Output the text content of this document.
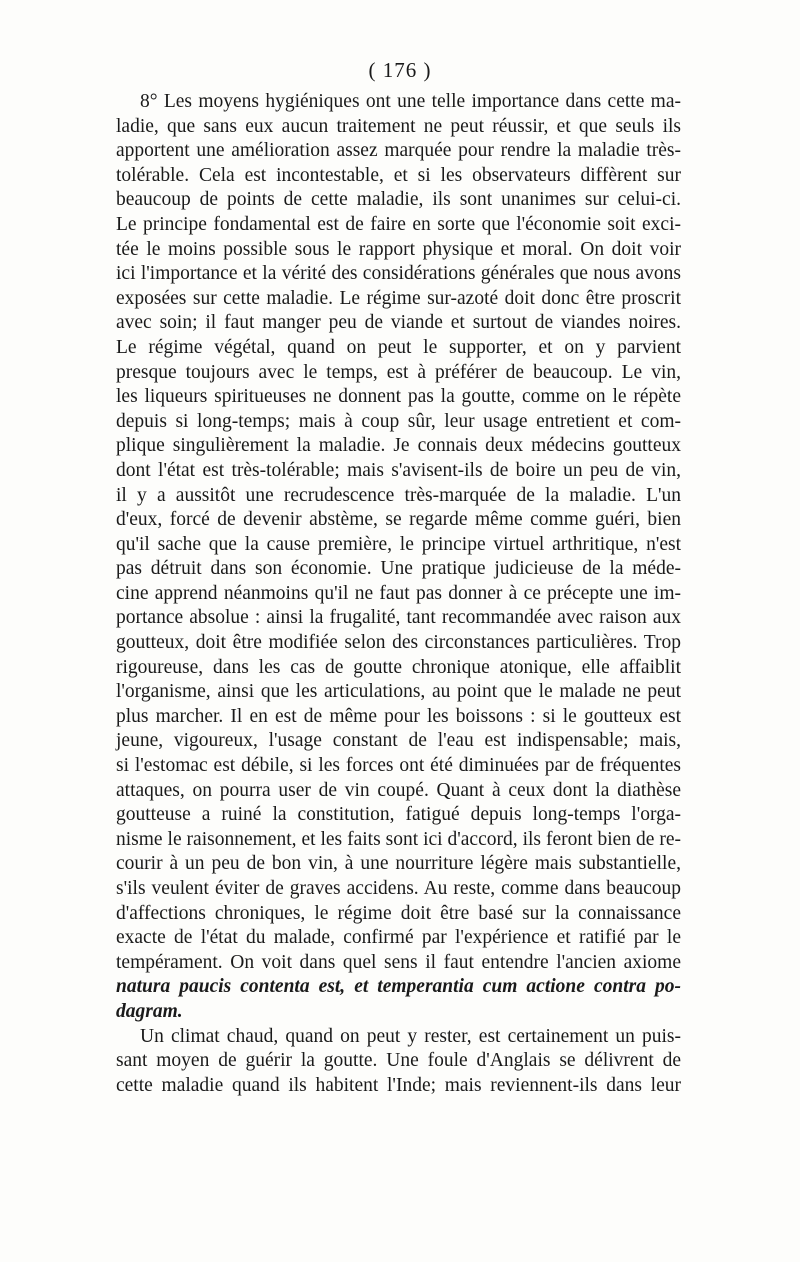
( 176 )
8° Les moyens hygiéniques ont une telle importance dans cette ma-
ladie, que sans eux aucun traitement ne peut réussir, et que seuls ils
apportent une amélioration assez marquée pour rendre la maladie très-
tolérable. Cela est incontestable, et si les observateurs diffèrent sur
beaucoup de points de cette maladie, ils sont unanimes sur celui-ci.
Le principe fondamental est de faire en sorte que l'économie soit exci-
tée le moins possible sous le rapport physique et moral. On doit voir
ici l'importance et la vérité des considérations générales que nous avons
exposées sur cette maladie. Le régime sur-azoté doit donc être proscrit
avec soin; il faut manger peu de viande et surtout de viandes noires.
Le régime végétal, quand on peut le supporter, et on y parvient
presque toujours avec le temps, est à préférer de beaucoup. Le vin,
les liqueurs spiritueuses ne donnent pas la goutte, comme on le répète
depuis si long-temps; mais à coup sûr, leur usage entretient et com-
plique singulièrement la maladie. Je connais deux médecins goutteux
dont l'état est très-tolérable; mais s'avisent-ils de boire un peu de vin,
il y a aussitôt une recrudescence très-marquée de la maladie. L'un
d'eux, forcé de devenir abstème, se regarde même comme guéri, bien
qu'il sache que la cause première, le principe virtuel arthritique, n'est
pas détruit dans son économie. Une pratique judicieuse de la méde-
cine apprend néanmoins qu'il ne faut pas donner à ce précepte une im-
portance absolue : ainsi la frugalité, tant recommandée avec raison aux
goutteux, doit être modifiée selon des circonstances particulières. Trop
rigoureuse, dans les cas de goutte chronique atonique, elle affaiblit
l'organisme, ainsi que les articulations, au point que le malade ne peut
plus marcher. Il en est de même pour les boissons : si le goutteux est
jeune, vigoureux, l'usage constant de l'eau est indispensable; mais,
si l'estomac est débile, si les forces ont été diminuées par de fréquentes
attaques, on pourra user de vin coupé. Quant à ceux dont la diathèse
goutteuse a ruiné la constitution, fatigué depuis long-temps l'orga-
nisme le raisonnement, et les faits sont ici d'accord, ils feront bien de re-
courir à un peu de bon vin, à une nourriture légère mais substantielle,
s'ils veulent éviter de graves accidens. Au reste, comme dans beaucoup
d'affections chroniques, le régime doit être basé sur la connaissance
exacte de l'état du malade, confirmé par l'expérience et ratifié par le
tempérament. On voit dans quel sens il faut entendre l'ancien axiome
natura paucis contenta est, et temperantia cum actione contra po-
dagram.
Un climat chaud, quand on peut y rester, est certainement un puis-
sant moyen de guérir la goutte. Une foule d'Anglais se délivrent de
cette maladie quand ils habitent l'Inde; mais reviennent-ils dans leur
